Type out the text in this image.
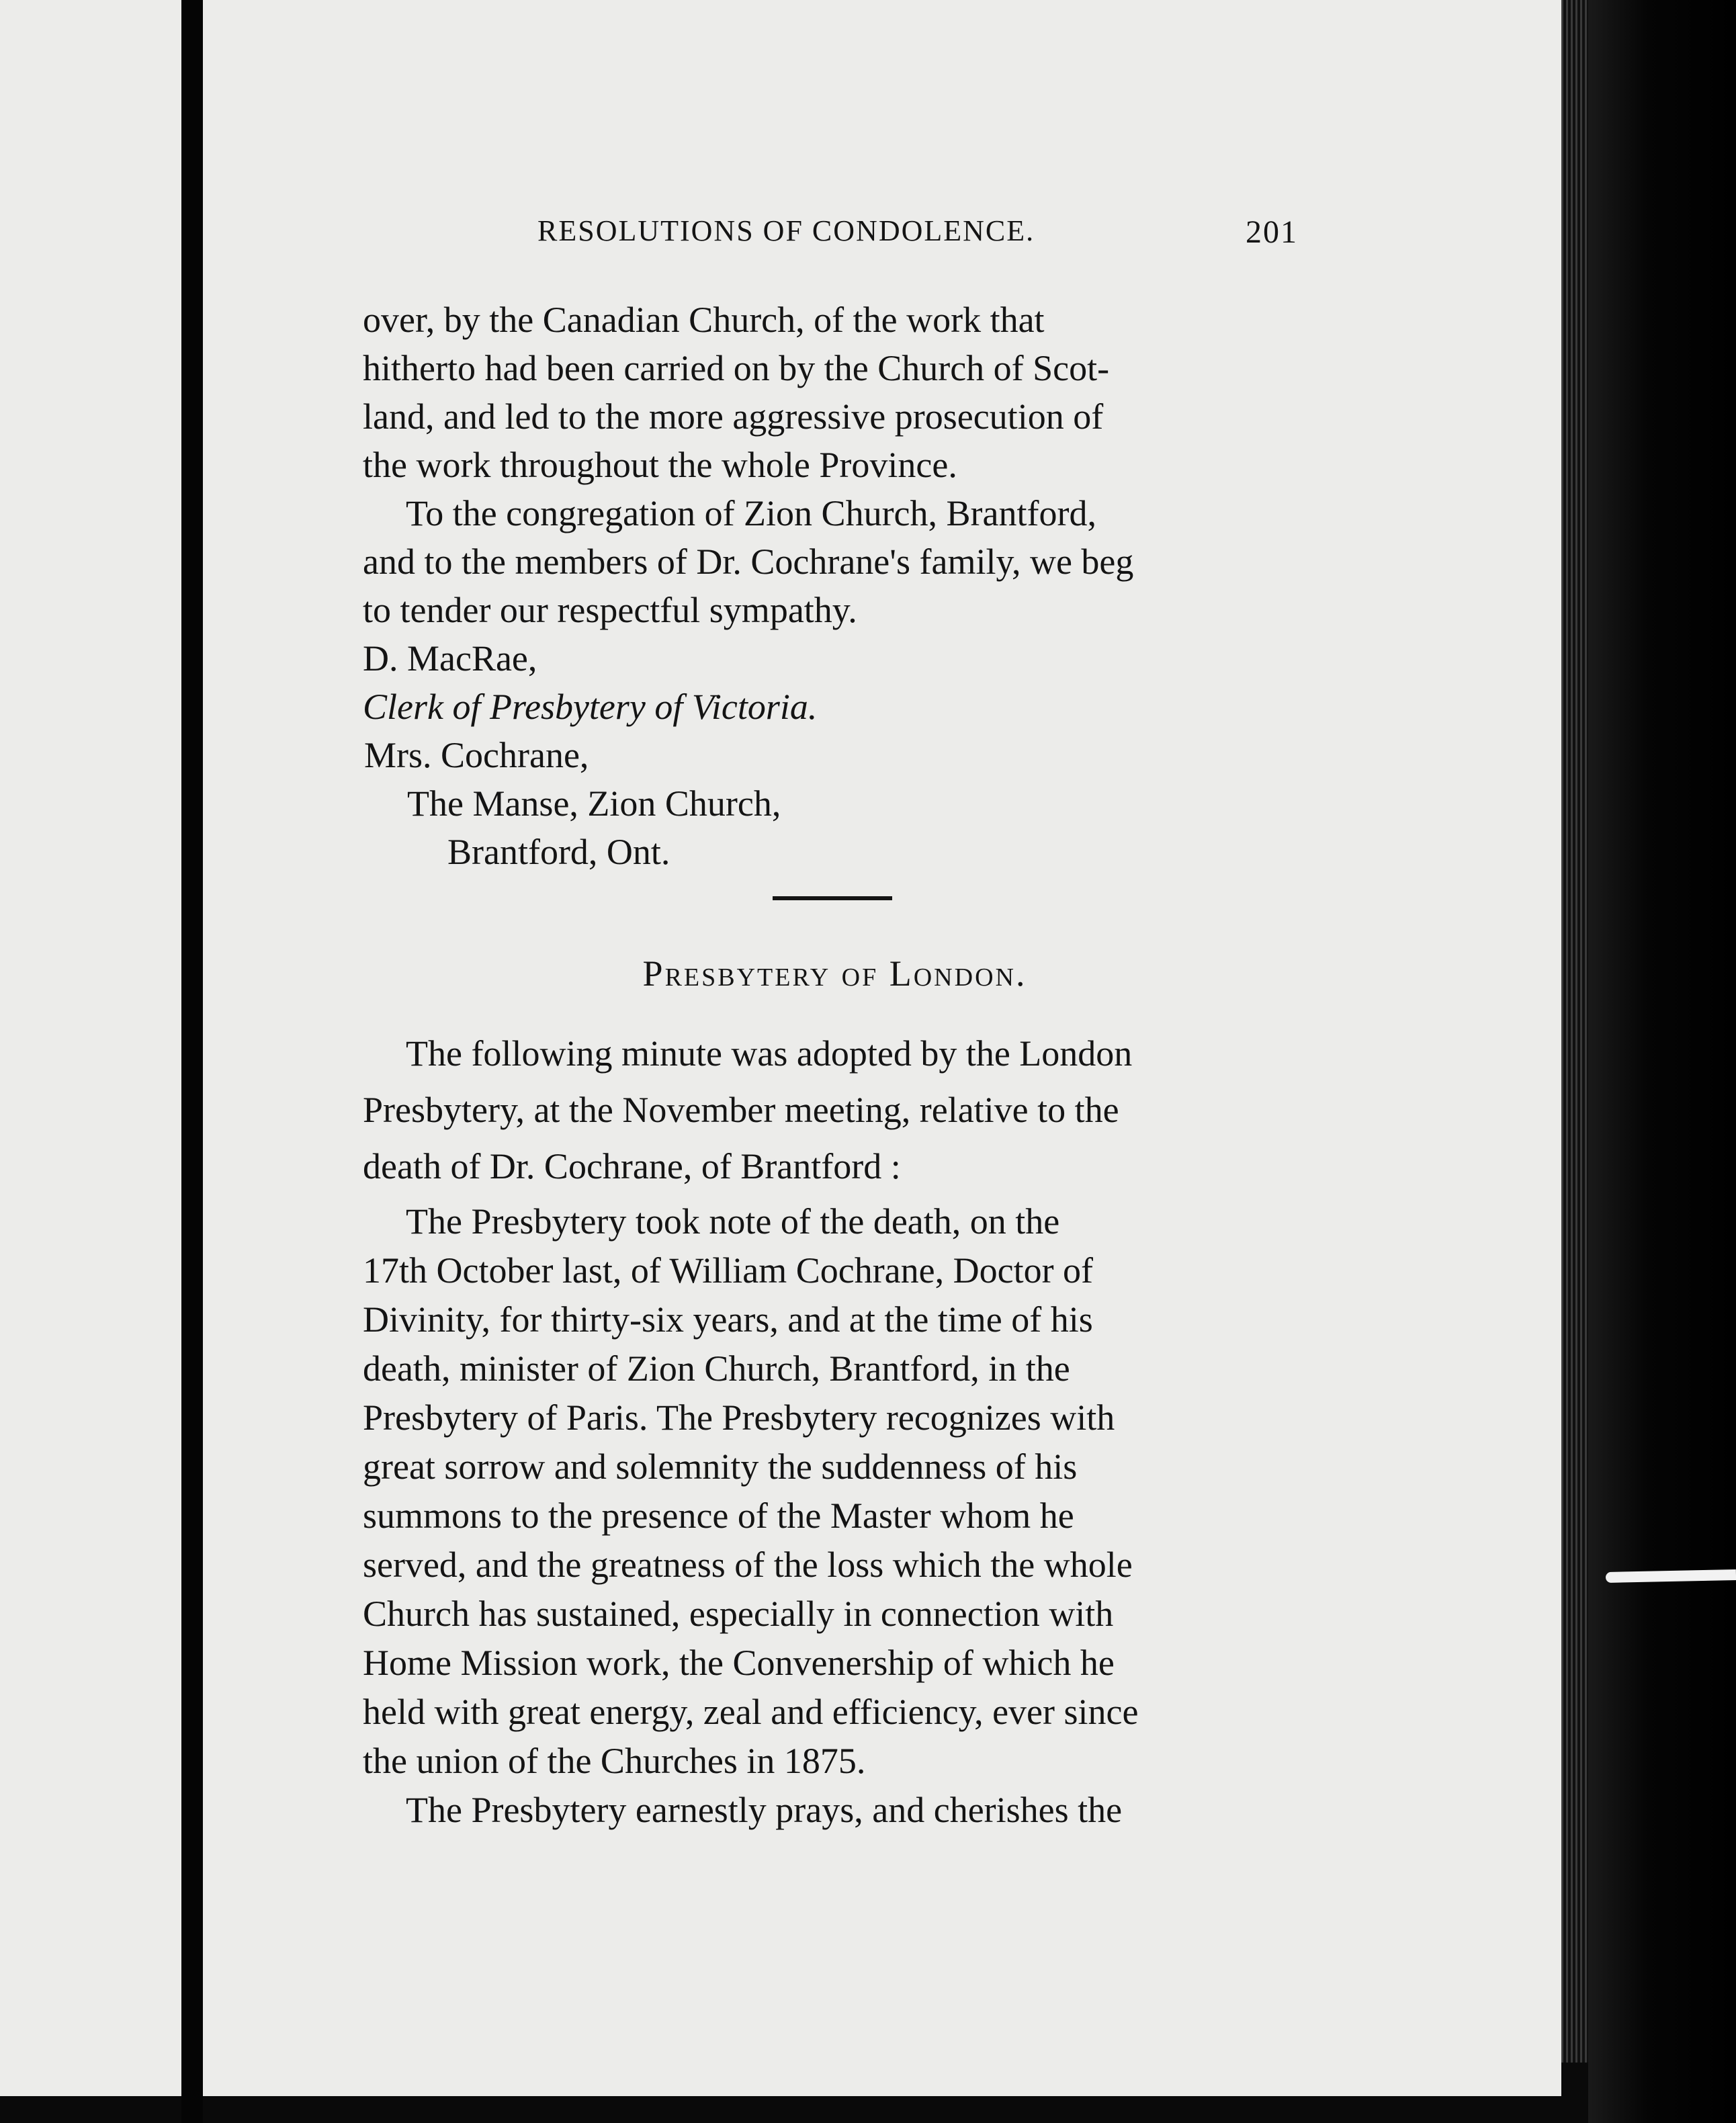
RESOLUTIONS OF CONDOLENCE.	201

over, by the Canadian Church, of the work that

hitherto had been carried on by the Church of Scot-

land, and led to the more aggressive prosecution of

the work throughout the whole Province.

To the congregation of Zion Church, Brantford,

and to the members of Dr. Cochrane's family, we beg

to tender our respectful sympathy.

D. MacRae,

Clerk of Presbytery of Victoria.

Mrs. Cochrane,

The Manse, Zion Church,

Brantford, Ont.

Presbytery of London.

The following minute was adopted by the London

Presbytery, at the November meeting, relative to the

death of Dr. Cochrane, of Brantford :

The Presbytery took note of the death, on the

17th October last, of William Cochrane, Doctor of

Divinity, for thirty-six years, and at the time of his

death, minister of Zion Church, Brantford, in the

Presbytery of Paris. The Presbytery recognizes with

great sorrow and solemnity the suddenness of his

summons to the presence of the Master whom he

served, and the greatness of the loss which the whole

Church has sustained, especially in connection with

Home Mission work, the Convenership of which he

held with great energy, zeal and efficiency, ever since

the union of the Churches in 1875.

The Presbytery earnestly prays, and cherishes the
